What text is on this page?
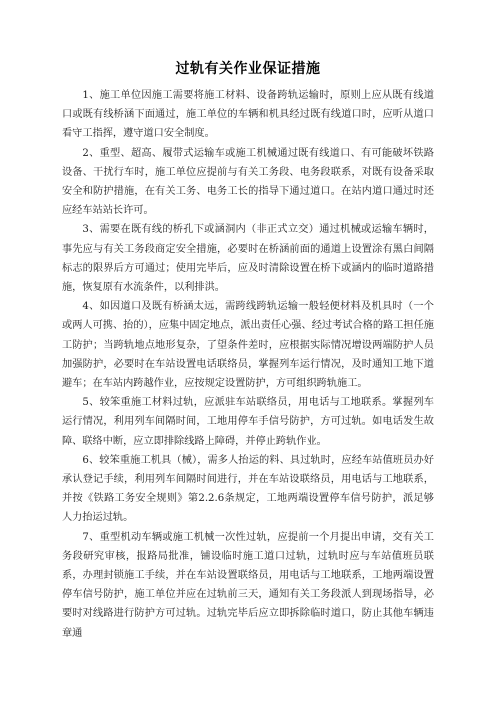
过轨有关作业保证措施

1、施工单位因施工需要将施工材料、设备跨轨运输时，原则上应从既有线道口或既有线桥涵下面通过，施工单位的车辆和机具经过既有线道口时，应听从道口看守工指挥，遵守道口安全制度。

2、重型、超高、履带式运输车或施工机械通过既有线道口、有可能破坏铁路设备、干扰行车时，施工单位应提前与有关工务段、电务段联系，对既有设备采取安全和防护措施，在有关工务、电务工长的指导下通过道口。在站内道口通过时还应经车站站长许可。

3、需要在既有线的桥孔下或涵洞内（非正式立交）通过机械或运输车辆时，事先应与有关工务段商定安全措施，必要时在桥涵前面的通道上设置涂有黑白间隔标志的限界后方可通过；使用完毕后，应及时清除设置在桥下或涵内的临时道路措施，恢复原有水流条件，以利排洪。

4、如因道口及既有桥涵太远，需跨线跨轨运输一般轻便材料及机具时（一个或两人可携、抬的），应集中固定地点，派出责任心强、经过考试合格的路工担任施工防护；当跨轨地点地形复杂，了望条件差时，应根据实际情况增设两端防护人员加强防护，必要时在车站设置电话联络员，掌握列车运行情况，及时通知工地下道避车；在车站内跨越作业，应按规定设置防护，方可组织跨轨施工。

5、较笨重施工材料过轨，应派驻车站联络员，用电话与工地联系。掌握列车运行情况，利用列车间隔时间，工地用停车手信号防护，方可过轨。如电话发生故障、联络中断，应立即排除线路上障碍，并停止跨轨作业。

6、较笨重施工机具（械），需多人抬运的料、具过轨时，应经车站值班员办好承认登记手续，利用列车间隔时间进行，并在车站设联络员，用电话与工地联系，并按《铁路工务安全规则》第2.2.6条规定，工地两端设置停车信号防护，派足够人力抬运过轨。

7、重型机动车辆或施工机械一次性过轨，应提前一个月提出申请，交有关工务段研究审核，报路局批准，铺设临时施工道口过轨，过轨时应与车站值班员联系，办理封锁施工手续，并在车站设置联络员，用电话与工地联系，工地两端设置停车信号防护，施工单位并应在过轨前三天，通知有关工务段派人到现场指导，必要时对线路进行防护方可过轨。过轨完毕后应立即拆除临时道口，防止其他车辆违章通
